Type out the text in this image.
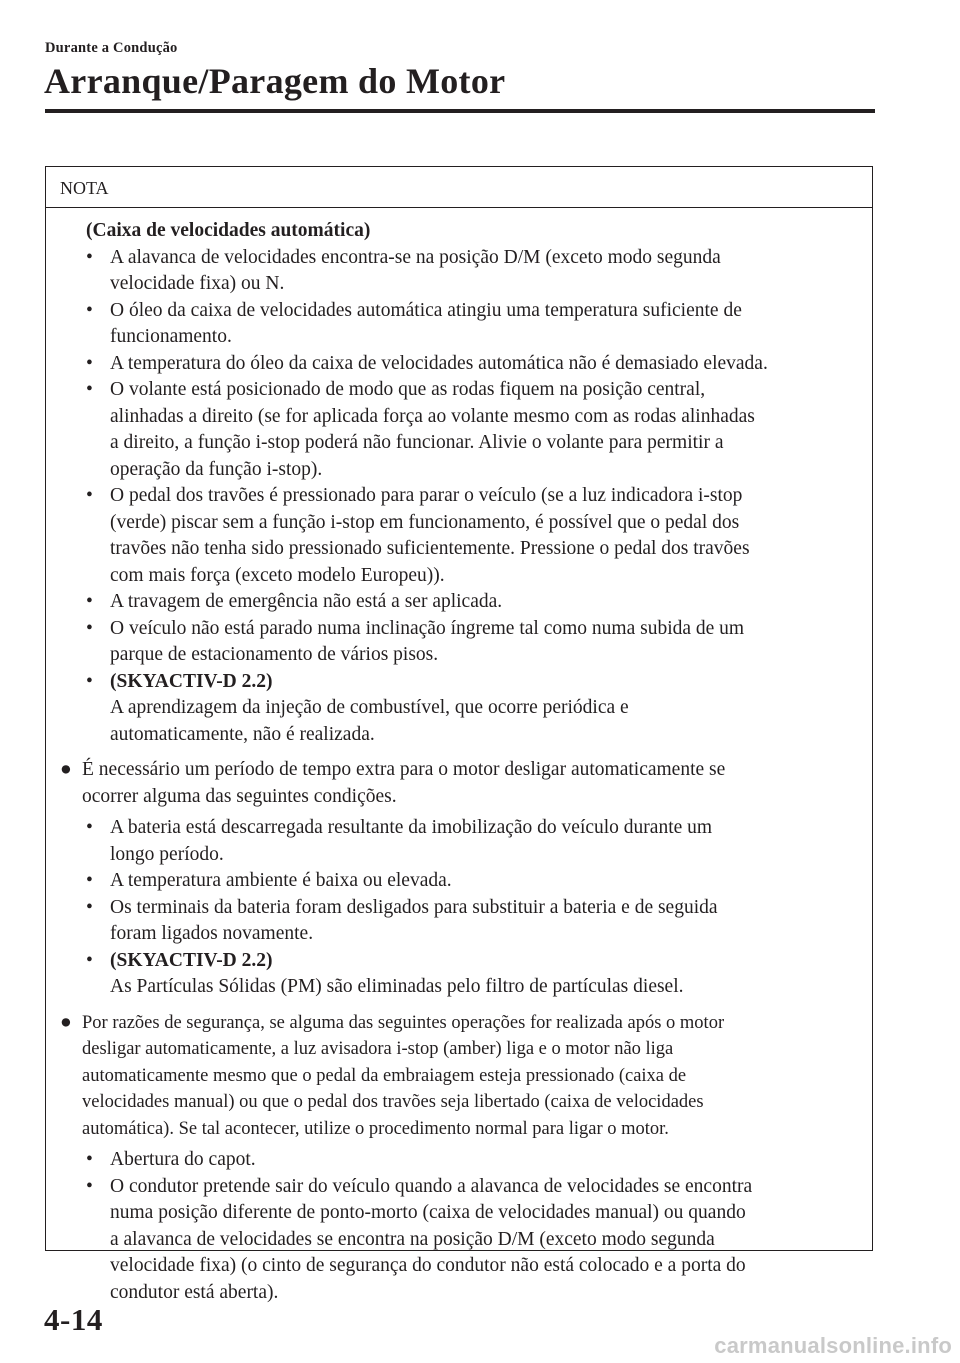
Durante a Condução
Arranque/Paragem do Motor
NOTA
(Caixa de velocidades automática)
• A alavanca de velocidades encontra-se na posição D/M (exceto modo segunda
velocidade fixa) ou N.
• O óleo da caixa de velocidades automática atingiu uma temperatura suficiente de
funcionamento.
• A temperatura do óleo da caixa de velocidades automática não é demasiado elevada.
• O volante está posicionado de modo que as rodas fiquem na posição central,
alinhadas a direito (se for aplicada força ao volante mesmo com as rodas alinhadas
a direito, a função i-stop poderá não funcionar. Alivie o volante para permitir a
operação da função i-stop).
• O pedal dos travões é pressionado para parar o veículo (se a luz indicadora i-stop
(verde) piscar sem a função i-stop em funcionamento, é possível que o pedal dos
travões não tenha sido pressionado suficientemente. Pressione o pedal dos travões
com mais força (exceto modelo Europeu)).
• A travagem de emergência não está a ser aplicada.
• O veículo não está parado numa inclinação íngreme tal como numa subida de um
parque de estacionamento de vários pisos.
• (SKYACTIV-D 2.2)
A aprendizagem da injeção de combustível, que ocorre periódica e
automaticamente, não é realizada.
● É necessário um período de tempo extra para o motor desligar automaticamente se
ocorrer alguma das seguintes condições.
• A bateria está descarregada resultante da imobilização do veículo durante um
longo período.
• A temperatura ambiente é baixa ou elevada.
• Os terminais da bateria foram desligados para substituir a bateria e de seguida
foram ligados novamente.
• (SKYACTIV-D 2.2)
As Partículas Sólidas (PM) são eliminadas pelo filtro de partículas diesel.
● Por razões de segurança, se alguma das seguintes operações for realizada após o motor
desligar automaticamente, a luz avisadora i-stop (amber) liga e o motor não liga
automaticamente mesmo que o pedal da embraiagem esteja pressionado (caixa de
velocidades manual) ou que o pedal dos travões seja libertado (caixa de velocidades
automática). Se tal acontecer, utilize o procedimento normal para ligar o motor.
• Abertura do capot.
• O condutor pretende sair do veículo quando a alavanca de velocidades se encontra
numa posição diferente de ponto-morto (caixa de velocidades manual) ou quando
a alavanca de velocidades se encontra na posição D/M (exceto modo segunda
velocidade fixa) (o cinto de segurança do condutor não está colocado e a porta do
condutor está aberta).
4-14
carmanualsonline.info
